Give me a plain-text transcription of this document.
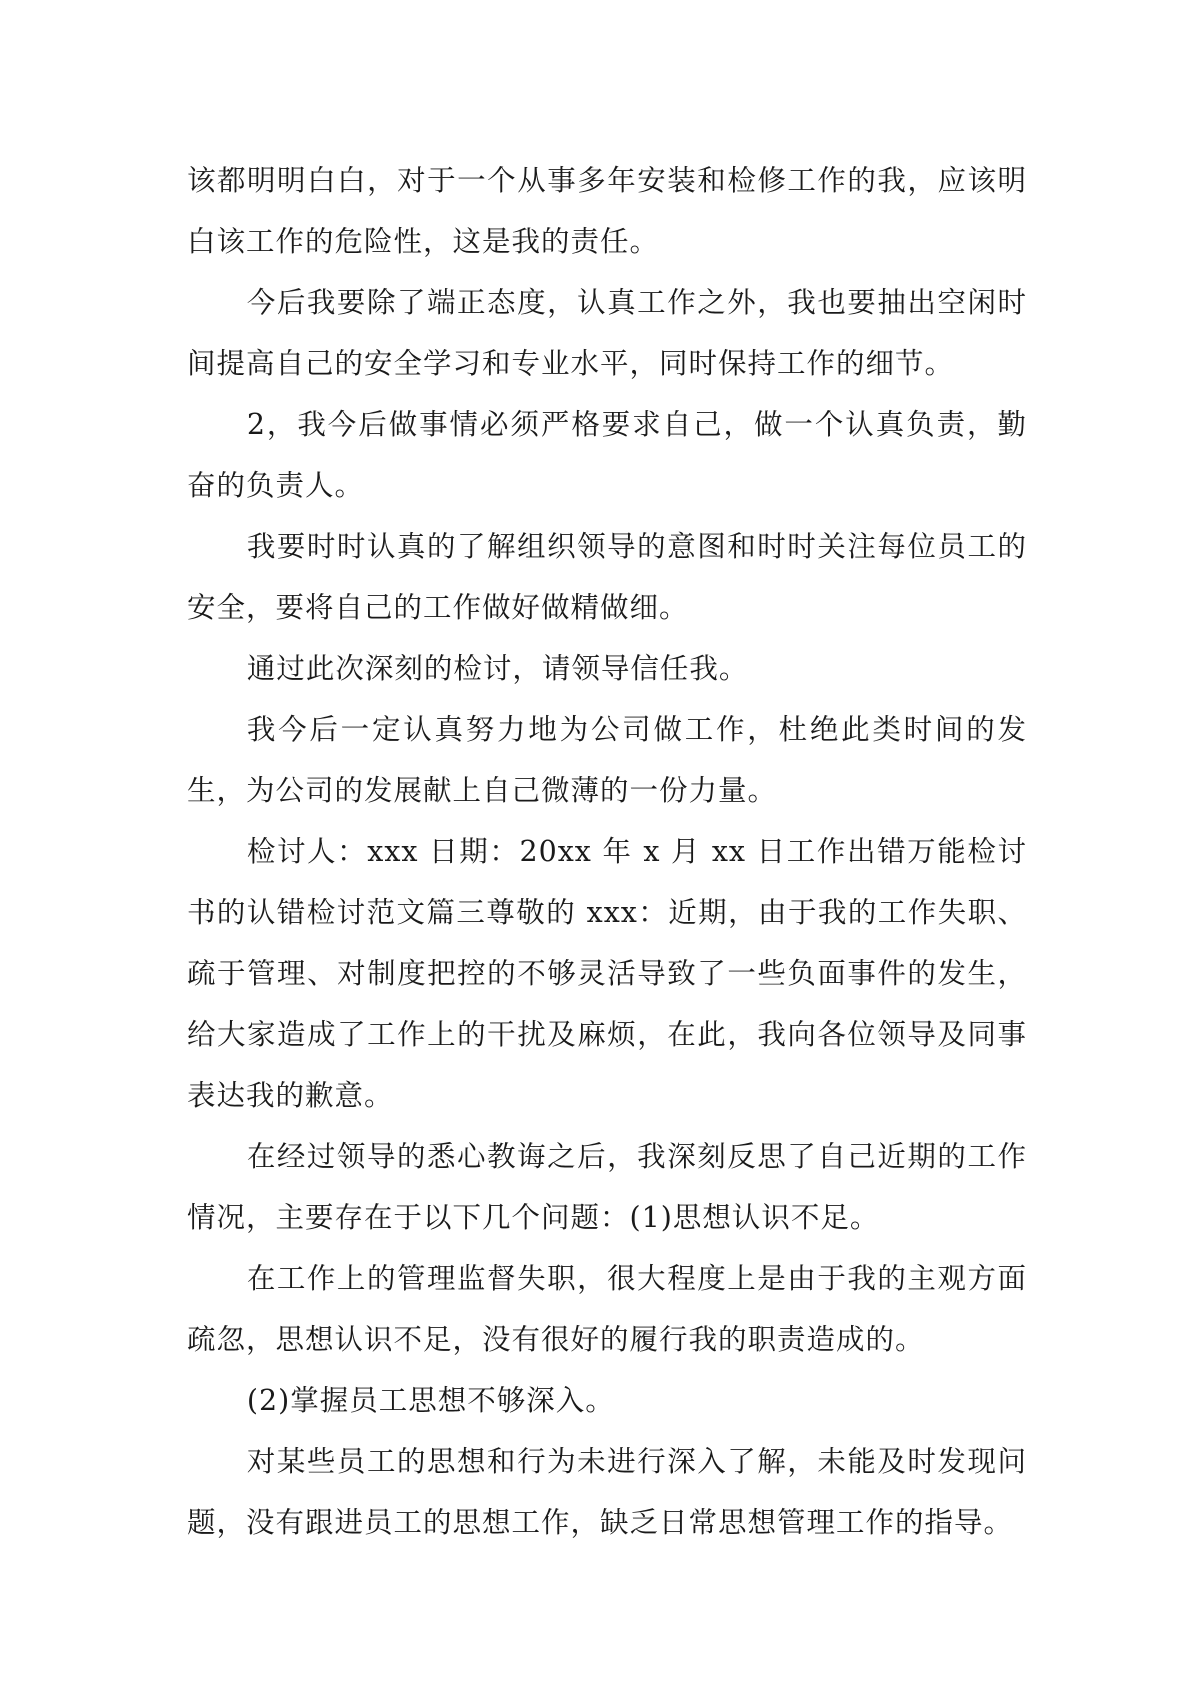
该都明明白白，对于一个从事多年安装和检修工作的我，应该明白该工作的危险性，这是我的责任。

今后我要除了端正态度，认真工作之外，我也要抽出空闲时间提高自己的安全学习和专业水平，同时保持工作的细节。

2，我今后做事情必须严格要求自己，做一个认真负责，勤奋的负责人。

我要时时认真的了解组织领导的意图和时时关注每位员工的安全，要将自己的工作做好做精做细。

通过此次深刻的检讨，请领导信任我。

我今后一定认真努力地为公司做工作，杜绝此类时间的发生，为公司的发展献上自己微薄的一份力量。

检讨人：xxx 日期：20xx 年 x 月 xx 日工作出错万能检讨书的认错检讨范文篇三尊敬的 xxx：近期，由于我的工作失职、疏于管理、对制度把控的不够灵活导致了一些负面事件的发生，给大家造成了工作上的干扰及麻烦，在此，我向各位领导及同事表达我的歉意。

在经过领导的悉心教诲之后，我深刻反思了自己近期的工作情况，主要存在于以下几个问题：(1)思想认识不足。

在工作上的管理监督失职，很大程度上是由于我的主观方面疏忽，思想认识不足，没有很好的履行我的职责造成的。

(2)掌握员工思想不够深入。

对某些员工的思想和行为未进行深入了解，未能及时发现问题，没有跟进员工的思想工作，缺乏日常思想管理工作的指导。
